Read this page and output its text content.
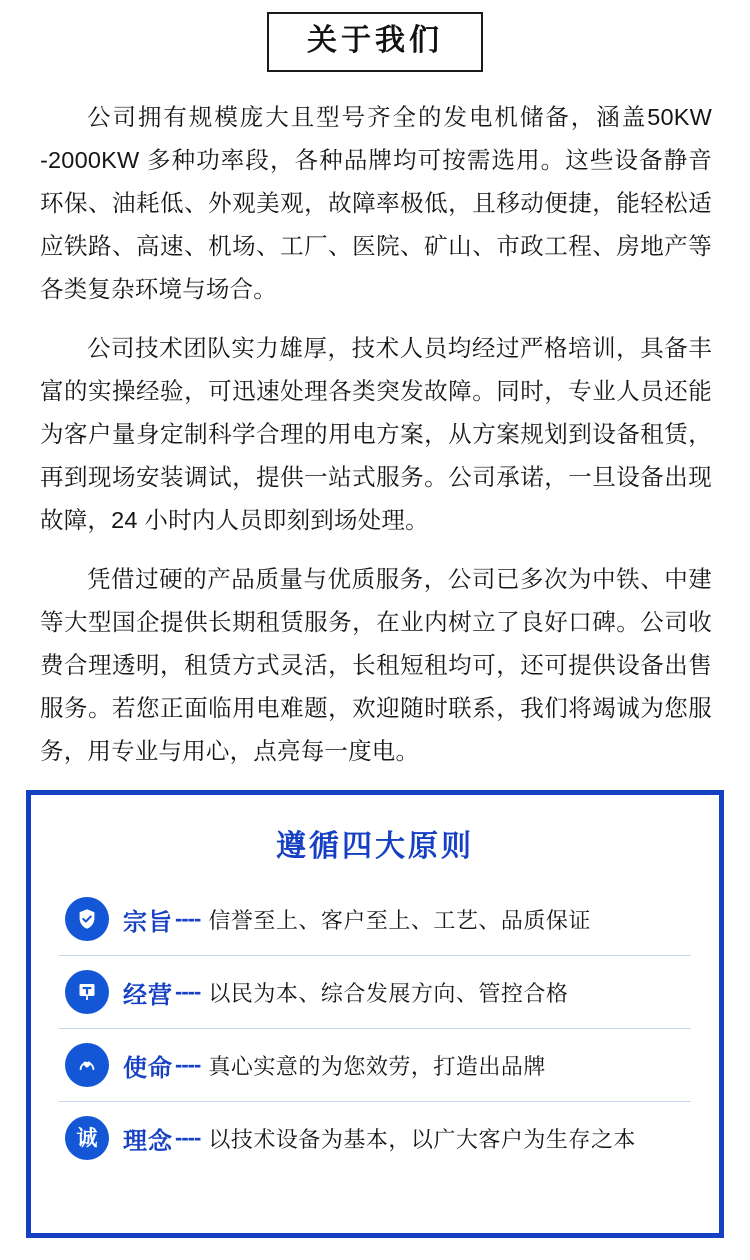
关于我们

公司拥有规模庞大且型号齐全的发电机储备，涵盖50KW -2000KW 多种功率段，各种品牌均可按需选用。这些设备静音环保、油耗低、外观美观，故障率极低，且移动便捷，能轻松适应铁路、高速、机场、工厂、医院、矿山、市政工程、房地产等各类复杂环境与场合。

公司技术团队实力雄厚，技术人员均经过严格培训，具备丰富的实操经验，可迅速处理各类突发故障。同时，专业人员还能为客户量身定制科学合理的用电方案，从方案规划到设备租赁，再到现场安装调试，提供一站式服务。公司承诺，一旦设备出现故障，24 小时内人员即刻到场处理。

凭借过硬的产品质量与优质服务，公司已多次为中铁、中建等大型国企提供长期租赁服务，在业内树立了良好口碑。公司收费合理透明，租赁方式灵活，长租短租均可，还可提供设备出售服务。若您正面临用电难题，欢迎随时联系，我们将竭诚为您服务，用专业与用心，点亮每一度电。

遵循四大原则
宗旨 ---- 信誉至上、客户至上、工艺、品质保证
经营 ---- 以民为本、综合发展方向、管控合格
使命 ---- 真心实意的为您效劳，打造出品牌
诚 理念 ---- 以技术设备为基本，以广大客户为生存之本
